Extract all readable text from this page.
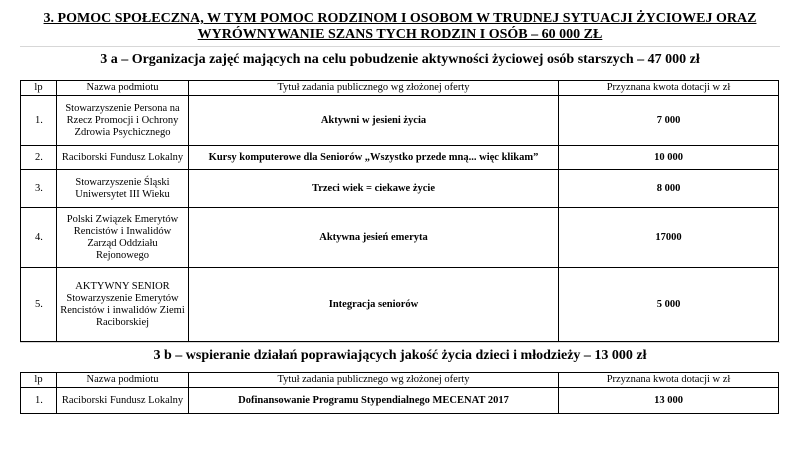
3. POMOC SPOŁECZNA, W TYM POMOC RODZINOM I OSOBOM W TRUDNEJ SYTUACJI ŻYCIOWEJ ORAZ
WYRÓWNYWANIE SZANS TYCH RODZIN I OSÓB – 60 000 ZŁ
3 a – Organizacja zajęć mających na celu pobudzenie aktywności życiowej osób starszych – 47 000 zł
lp	Nazwa podmiotu	Tytuł zadania publicznego wg złożonej oferty	Przyznana kwota dotacji w zł
1.	Stowarzyszenie Persona na Rzecz Promocji i Ochrony Zdrowia Psychicznego	Aktywni w jesieni życia	7 000
2.	Raciborski Fundusz Lokalny	Kursy komputerowe dla Seniorów „Wszystko przede mną... więc klikam”	10 000
3.	Stowarzyszenie Śląski Uniwersytet III Wieku	Trzeci wiek = ciekawe życie	8 000
4.	Polski Związek Emerytów Rencistów i Inwalidów Zarząd Oddziału Rejonowego	Aktywna jesień emeryta	17000
5.	AKTYWNY SENIOR Stowarzyszenie Emerytów Rencistów i inwalidów Ziemi Raciborskiej	Integracja seniorów	5 000
3 b – wspieranie działań poprawiających jakość życia dzieci i młodzieży – 13 000 zł
lp	Nazwa podmiotu	Tytuł zadania publicznego wg złożonej oferty	Przyznana kwota dotacji w zł
1.	Raciborski Fundusz Lokalny	Dofinansowanie Programu Stypendialnego MECENAT 2017	13 000
